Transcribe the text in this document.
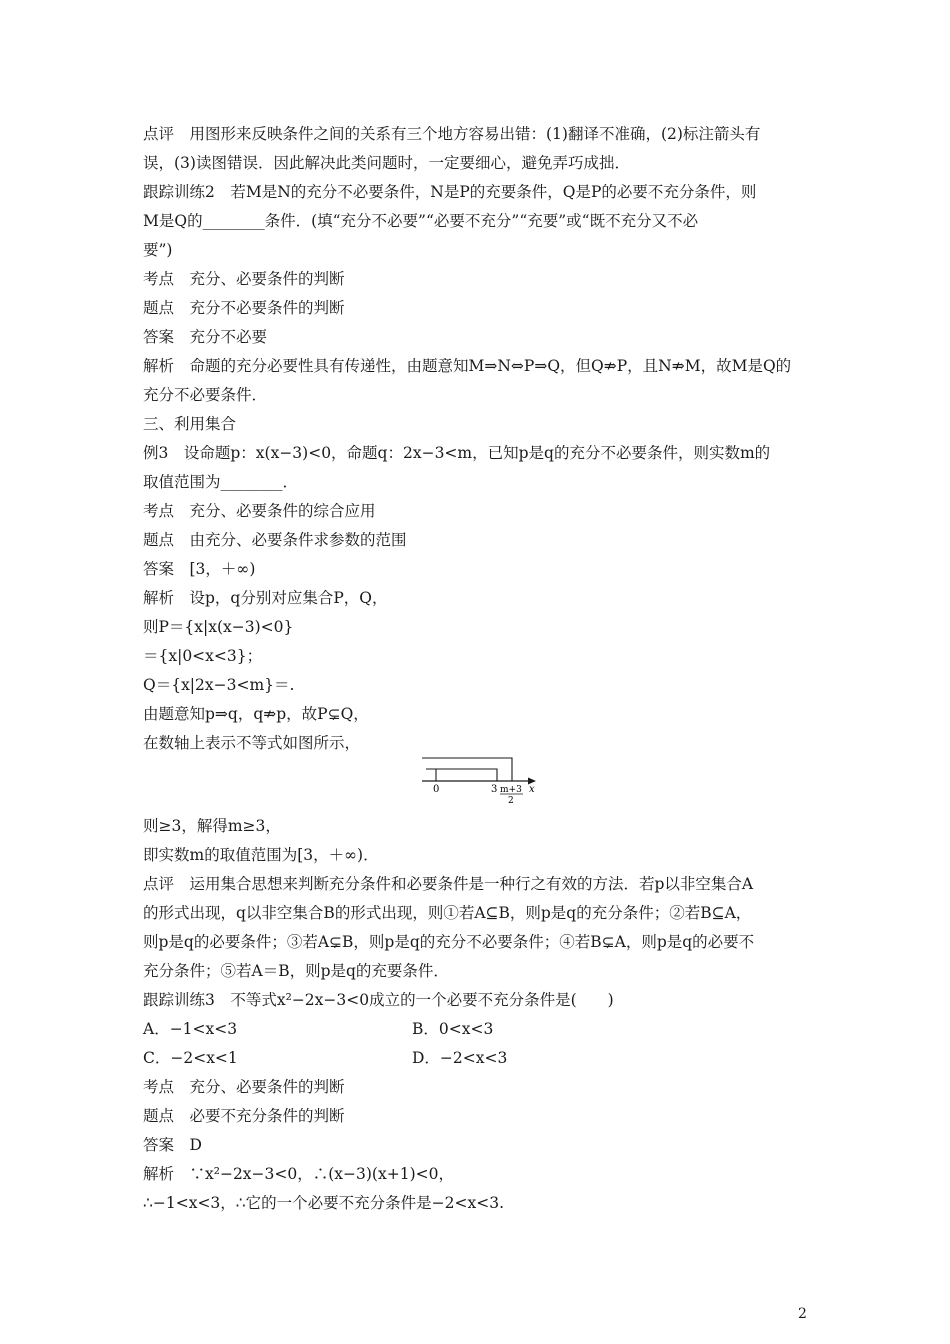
点评　用图形来反映条件之间的关系有三个地方容易出错：(1)翻译不准确，(2)标注箭头有
误，(3)读图错误．因此解决此类问题时，一定要细心，避免弄巧成拙．
跟踪训练2　若M是N的充分不必要条件，N是P的充要条件，Q是P的必要不充分条件，则
M是Q的________条件．(填“充分不必要”“必要不充分”“充要”或“既不充分又不必
要”)
考点　充分、必要条件的判断
题点　充分不必要条件的判断
答案　充分不必要
解析　命题的充分必要性具有传递性，由题意知M⇒N⇔P⇒Q，但Q⇏P，且N⇏M，故M是Q的
充分不必要条件．
三、利用集合
例3　设命题p：x(x−3)<0，命题q：2x−3<m，已知p是q的充分不必要条件，则实数m的
取值范围为________．
考点　充分、必要条件的综合应用
题点　由充分、必要条件求参数的范围
答案　[3，＋∞)
解析　设p，q分别对应集合P，Q，
则P＝{x|x(x−3)<0}
＝{x|0<x<3}；
Q＝{x|2x−3<m}＝.
由题意知p⇒q，q⇏p，故P⊊Q，
在数轴上表示不等式如图所示，
0	3 m+3
2
x
则≥3，解得m≥3，
即实数m的取值范围为[3，＋∞)．
点评　运用集合思想来判断充分条件和必要条件是一种行之有效的方法．若p以非空集合A
的形式出现，q以非空集合B的形式出现，则①若A⊆B，则p是q的充分条件；②若B⊆A，
则p是q的必要条件；③若A⊊B，则p是q的充分不必要条件；④若B⊊A，则p是q的必要不
充分条件；⑤若A＝B，则p是q的充要条件．
跟踪训练3　不等式x²−2x−3<0成立的一个必要不充分条件是(　　)
A．−1<x<3	B．0<x<3
C．−2<x<1	D．−2<x<3
考点　充分、必要条件的判断
题点　必要不充分条件的判断
答案　D
解析　∵x²−2x−3<0，∴(x−3)(x+1)<0，
∴−1<x<3，∴它的一个必要不充分条件是−2<x<3.
2
